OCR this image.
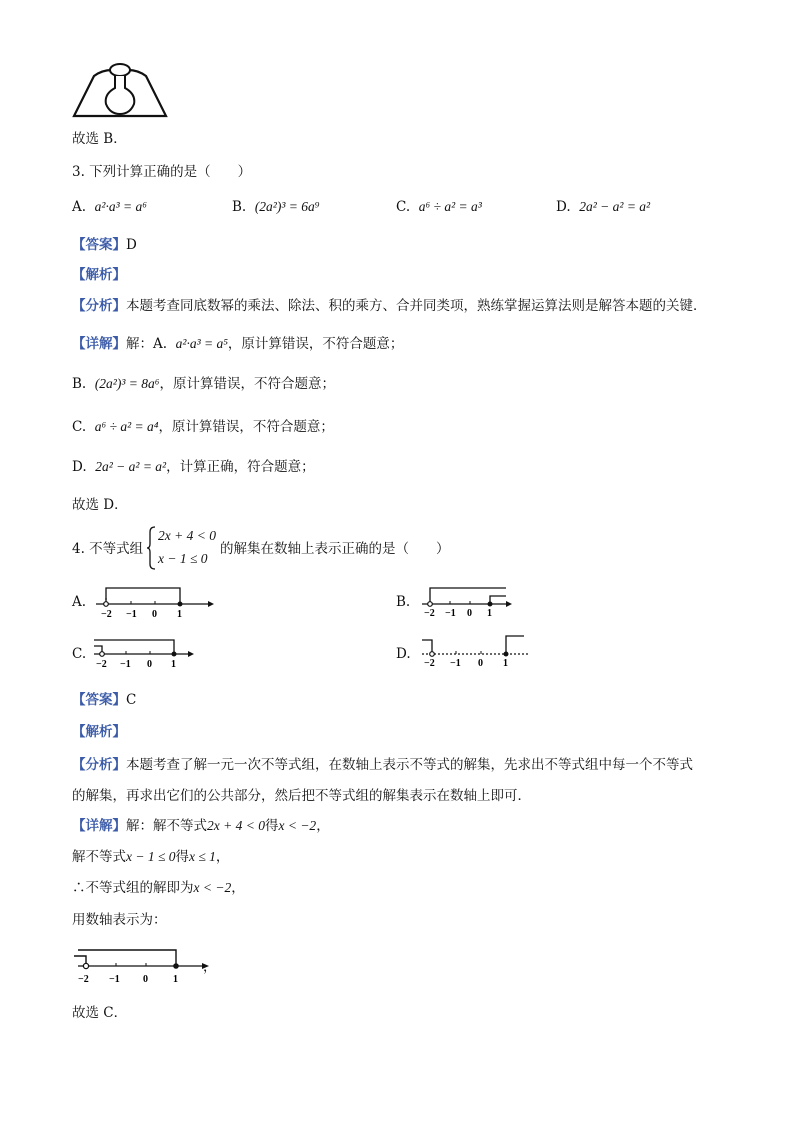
故选 B．
3. 下列计算正确的是（　　）
A. a²·a³ = a⁶	B. (2a²)³ = 6a⁹	C. a⁶ ÷ a² = a³	D. 2a² − a² = a²
【答案】D
【解析】
【分析】本题考查同底数幂的乘法、除法、积的乘方、合并同类项，熟练掌握运算法则是解答本题的关键．
【详解】解：A. a²·a³ = a⁵，原计算错误，不符合题意；
B. (2a²)³ = 8a⁶，原计算错误，不符合题意；
C. a⁶ ÷ a² = a⁴，原计算错误，不符合题意；
D. 2a² − a² = a²，计算正确，符合题意；
故选 D．
4. 不等式组
2x + 4 < 0
x − 1 ≤ 0
的解集在数轴上表示正确的是（　　）
A.
−2 −1 0 1
B.
−2 −1 0 1
C.
−2 −1 0 1
D.
−2 −1 0 1
【答案】C
【解析】
【分析】本题考查了解一元一次不等式组，在数轴上表示不等式的解集，先求出不等式组中每一个不等式
的解集，再求出它们的公共部分，然后把不等式组的解集表示在数轴上即可．
【详解】解：解不等式2x + 4 < 0得x < −2，
解不等式x − 1 ≤ 0得x ≤ 1，
∴不等式组的解即为x < −2，
用数轴表示为：
−2 −1 0	1
，
故选 C．
